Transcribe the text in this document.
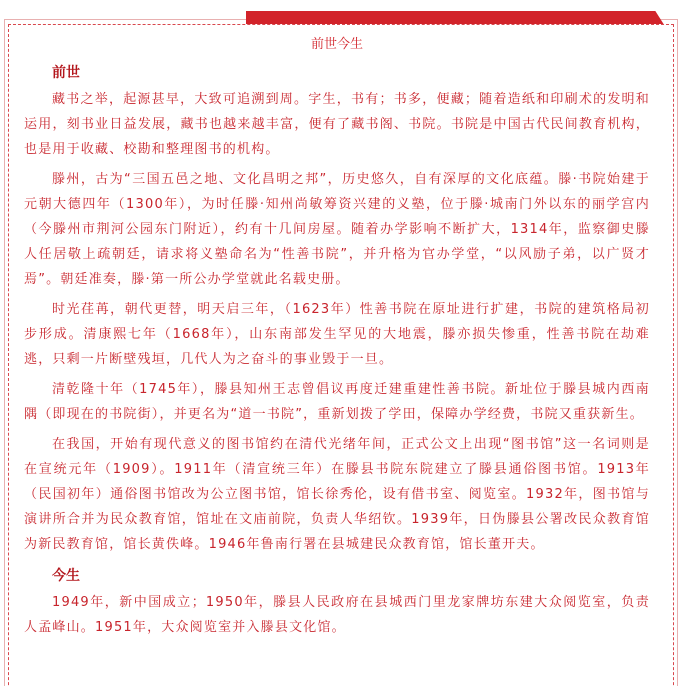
前世今生

前世

藏书之举，起源甚早，大致可追溯到周。字生，书有；书多，便藏；随着造纸和印刷术的发明和运用，刻书业日益发展，藏书也越来越丰富，便有了藏书阁、书院。书院是中国古代民间教育机构，也是用于收藏、校勘和整理图书的机构。

滕州，古为“三国五邑之地、文化昌明之邦”，历史悠久，自有深厚的文化底蕴。滕·书院始建于元朝大德四年（1300年），为时任滕·知州尚敏筹资兴建的义塾，位于滕·城南门外以东的丽学宫内（今滕州市荆河公园东门附近），约有十几间房屋。随着办学影响不断扩大，1314年，监察御史滕人任居敬上疏朝廷，请求将义塾命名为“性善书院”，并升格为官办学堂，“以风励子弟，以广贤才焉”。朝廷准奏，滕·第一所公办学堂就此名载史册。

时光荏苒，朝代更替，明天启三年，（1623年）性善书院在原址进行扩建，书院的建筑格局初步形成。清康熙七年（1668年），山东南部发生罕见的大地震，滕亦损失惨重，性善书院在劫难逃，只剩一片断壁残垣，几代人为之奋斗的事业毁于一旦。

清乾隆十年（1745年），滕县知州王志曾倡议再度迁建重建性善书院。新址位于滕县城内西南隅（即现在的书院街），并更名为“道一书院”，重新划拨了学田，保障办学经费，书院又重获新生。

在我国，开始有现代意义的图书馆约在清代光绪年间，正式公文上出现“图书馆”这一名词则是在宣统元年（1909）。1911年（清宣统三年）在滕县书院东院建立了滕县通俗图书馆。1913年（民国初年）通俗图书馆改为公立图书馆，馆长徐秀伦，设有借书室、阅览室。1932年，图书馆与演讲所合并为民众教育馆，馆址在文庙前院，负责人华绍钦。1939年，日伪滕县公署改民众教育馆为新民教育馆，馆长黄佚峰。1946年鲁南行署在县城建民众教育馆，馆长董开夫。

今生

1949年，新中国成立；1950年，滕县人民政府在县城西门里龙家牌坊东建大众阅览室，负责人孟峰山。1951年，大众阅览室并入滕县文化馆。
